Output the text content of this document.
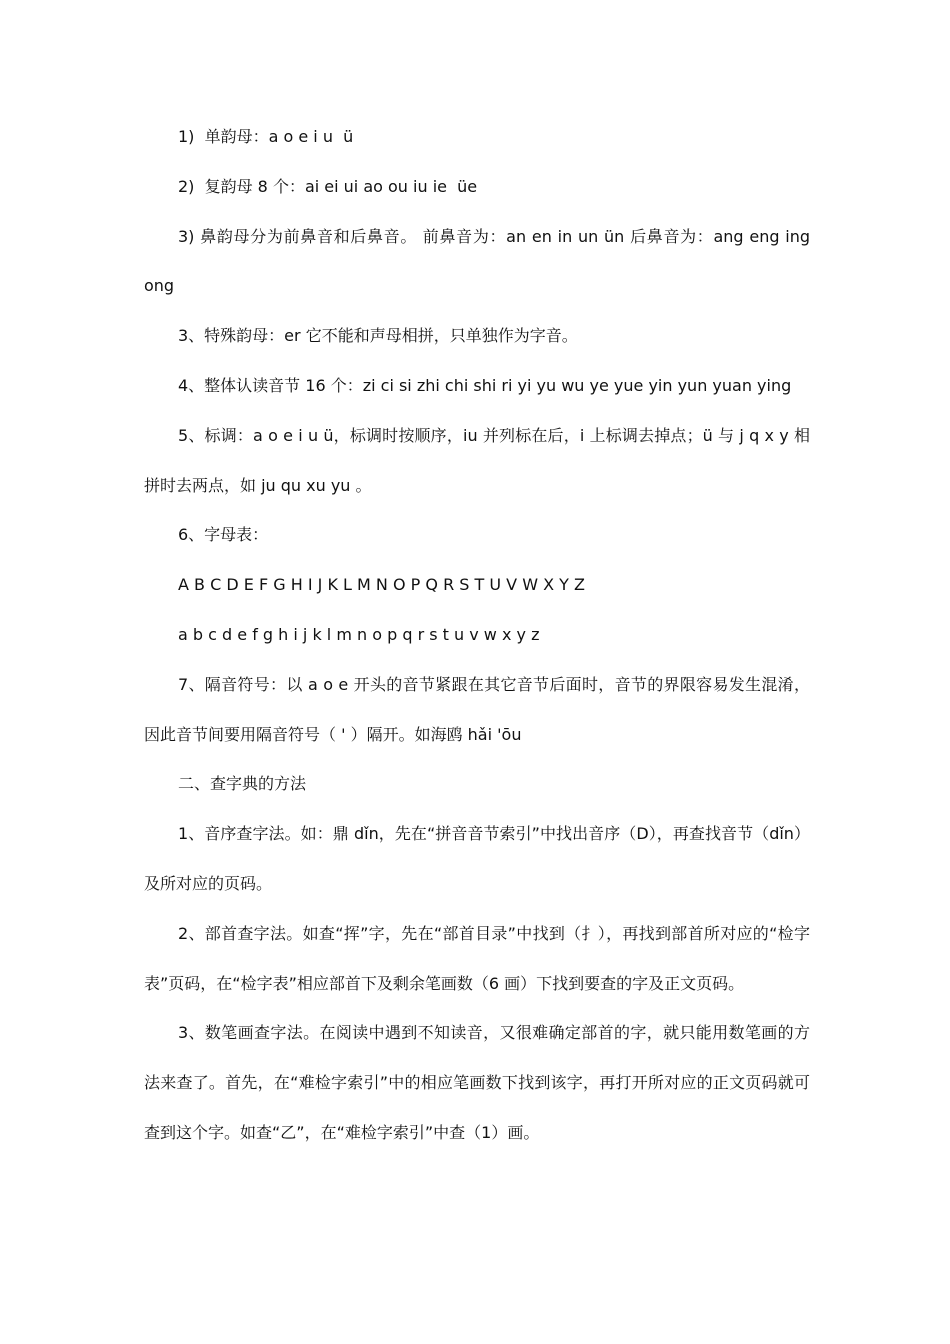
1)  单韵母：a o e i u  ü

2)  复韵母 8 个：ai ei ui ao ou iu ie  üe

3) 鼻韵母分为前鼻音和后鼻音。 前鼻音为：an en in un ün 后鼻音为：ang eng ing ong

3、特殊韵母：er 它不能和声母相拼，只单独作为字音。

4、整体认读音节 16 个：zi ci si zhi chi shi ri yi yu wu ye yue yin yun yuan ying

5、标调：a o e i u ü，标调时按顺序，iu 并列标在后，i 上标调去掉点；ü 与 j q x y 相拼时去两点，如 ju qu xu yu 。

6、字母表：

A B C D E F G H I J K L M N O P Q R S T U V W X Y Z

a b c d e f g h i j k l m n o p q r s t u v w x y z

7、隔音符号：以 a o e 开头的音节紧跟在其它音节后面时，音节的界限容易发生混淆，因此音节间要用隔音符号（ ' ）隔开。如海鸥 hǎi 'ōu

二、查字典的方法

1、音序查字法。如：鼎 dǐn，先在“拼音音节索引”中找出音序（D），再查找音节（dǐn）及所对应的页码。

2、部首查字法。如查“挥”字，先在“部首目录”中找到（扌），再找到部首所对应的“检字表”页码，在“检字表”相应部首下及剩余笔画数（6 画）下找到要查的字及正文页码。

3、数笔画查字法。在阅读中遇到不知读音，又很难确定部首的字，就只能用数笔画的方法来查了。首先，在“难检字索引”中的相应笔画数下找到该字，再打开所对应的正文页码就可查到这个字。如查“乙”，在“难检字索引”中查（1）画。
